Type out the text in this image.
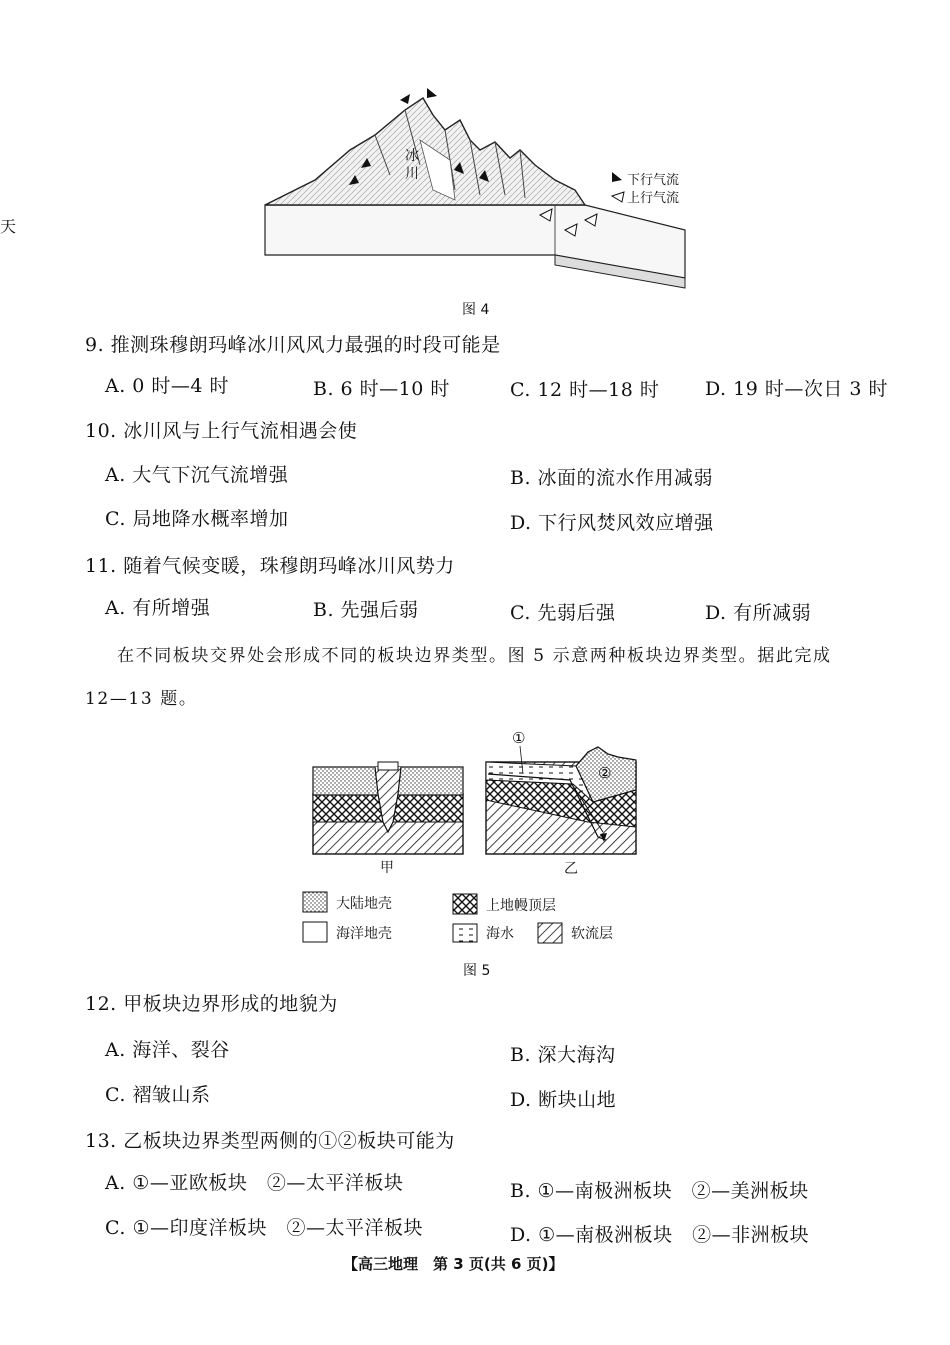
天
冰
川	下行气流
上行气流
图 4
9. 推测珠穆朗玛峰冰川风风力最强的时段可能是
A. 0 时—4 时	B. 6 时—10 时	C. 12 时—18 时 D. 19 时—次日 3 时
10. 冰川风与上行气流相遇会使
A. 大气下沉气流增强	B. 冰面的流水作用减弱
C. 局地降水概率增加	D. 下行风焚风效应增强
11. 随着气候变暖，珠穆朗玛峰冰川风势力
A. 有所增强	B. 先强后弱	C. 先弱后强	D. 有所减弱
在不同板块交界处会形成不同的板块边界类型。图 5 示意两种板块边界类型。据此完成
12—13 题。
甲
①
②
乙
大陆地壳	上地幔顶层
海洋地壳	海水	软流层
图 5
12. 甲板块边界形成的地貌为
A. 海洋、裂谷	B. 深大海沟
C. 褶皱山系	D. 断块山地
13. 乙板块边界类型两侧的①②板块可能为
A. ①—亚欧板块　②—太平洋板块	B. ①—南极洲板块　②—美洲板块
C. ①—印度洋板块　②—太平洋板块	D. ①—南极洲板块　②—非洲板块
【高三地理　第 3 页(共 6 页)】
